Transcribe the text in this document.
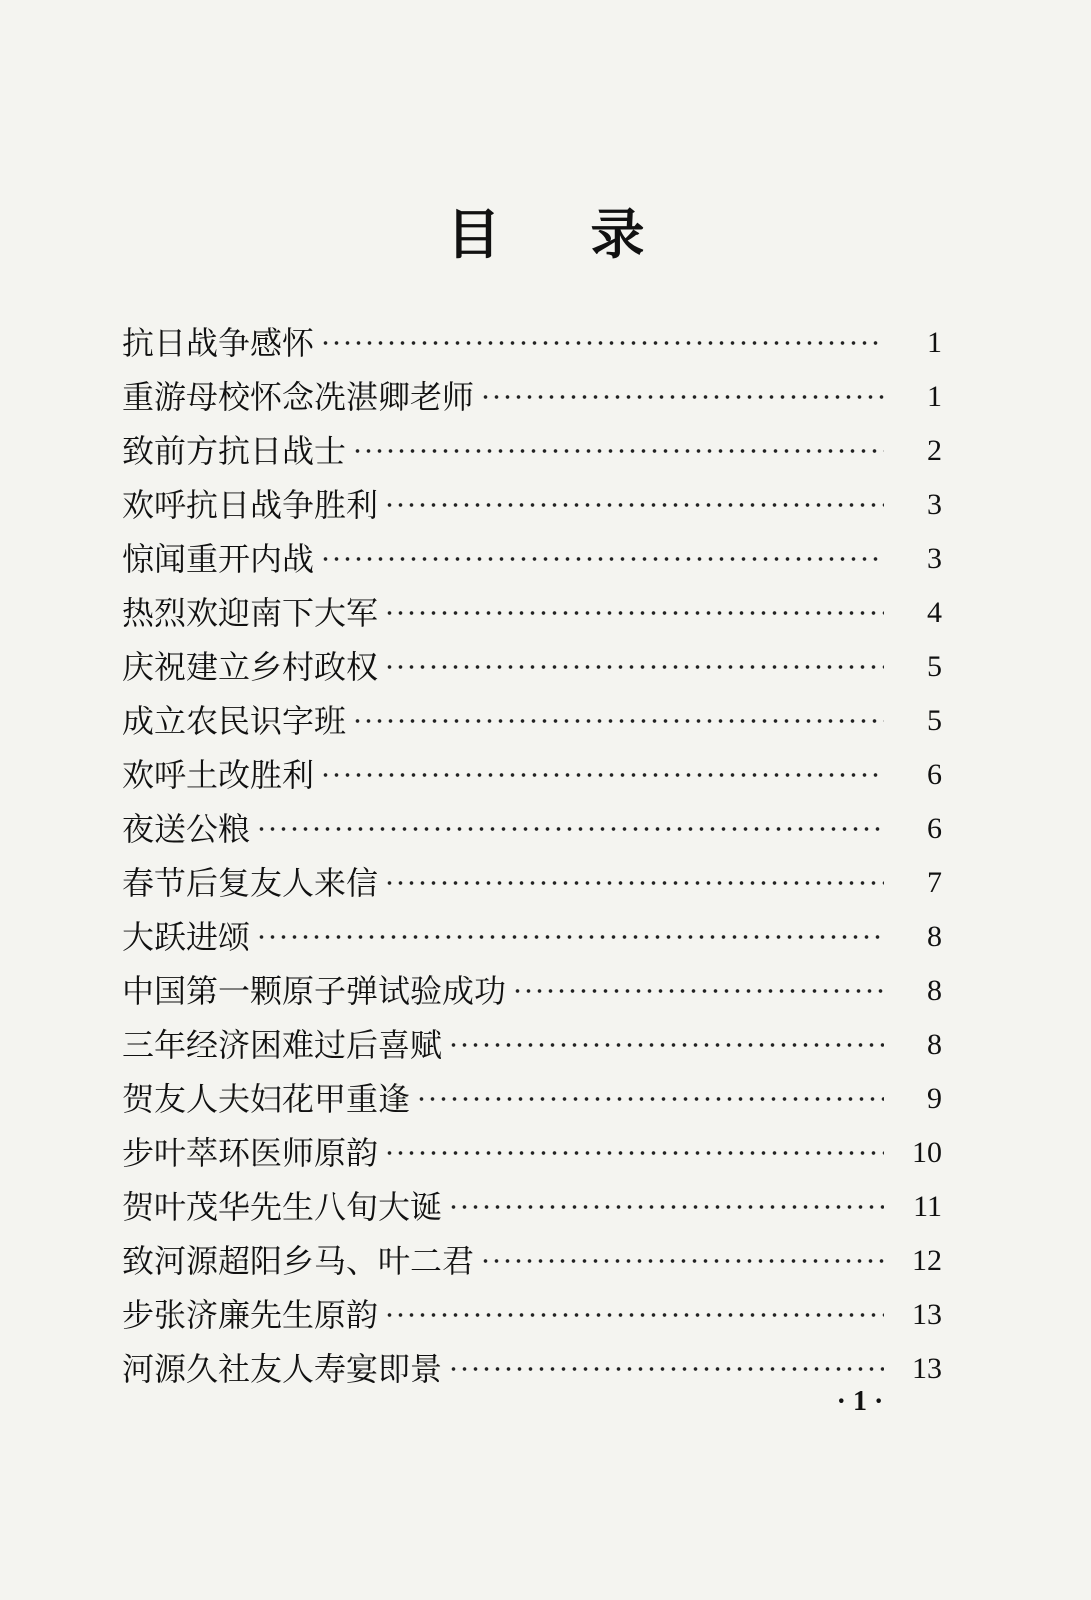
目 录
抗日战争感怀	1
重游母校怀念冼湛卿老师	1
致前方抗日战士	2
欢呼抗日战争胜利	3
惊闻重开内战	3
热烈欢迎南下大军	4
庆祝建立乡村政权	5
成立农民识字班	5
欢呼土改胜利	6
夜送公粮	6
春节后复友人来信	7
大跃进颂	8
中国第一颗原子弹试验成功	8
三年经济困难过后喜赋	8
贺友人夫妇花甲重逢	9
步叶萃环医师原韵	10
贺叶茂华先生八旬大诞	11
致河源超阳乡马、叶二君	12
步张济廉先生原韵	13
河源久社友人寿宴即景	13
· 1 ·
